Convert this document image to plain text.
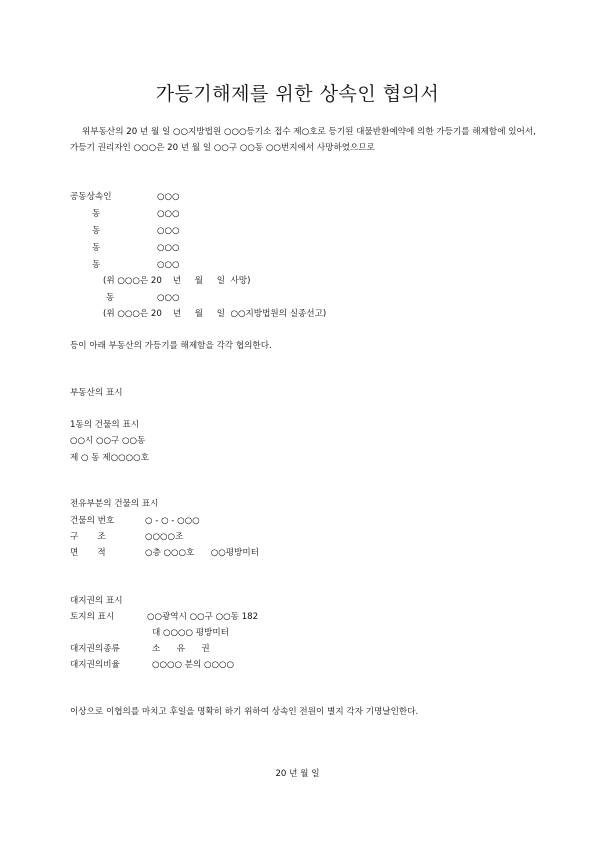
가등기해제를 위한 상속인 협의서
위부동산의 20 년 월 일 ○○지방법원 ○○○등기소 접수 제○호로 등기된 대물반환예약에 의한 가등기를 해제함에 있어서, 가등기 권리자인 ○○○은 20 년 월 일 ○○구 ○○동 ○○번지에서 사망하였으므로
공동상속인	○○○
동	○○○
동	○○○
동	○○○
동	○○○
(위 ○○○은 20    년     월     일  사망)
동	○○○
(위 ○○○은 20    년     월     일  ○○지방법원의 실종선고)
등이 아래 부동산의 가등기를 해제함을 각각 협의한다.
부동산의 표시
1동의 건물의 표시
○○시 ○○구 ○○동
제 ○ 동 제○○○○호
전유부분의 건물의 표시
건물의 번호	○ - ○ - ○○○
구       조	○○○○조
면       적	○층 ○○○호      ○○평방미터
대지권의 표시
토지의 표시	○○광역시 ○○구 ○○동 182
대 ○○○○ 평방미터
대지권의종류	소      유      권
대지권의비율	○○○○ 분의 ○○○○
이상으로 이협의를 마치고 후일을 명확히 하기 위하여 상속인 전원이 별지 각자 기명날인한다.
20 년 월 일
